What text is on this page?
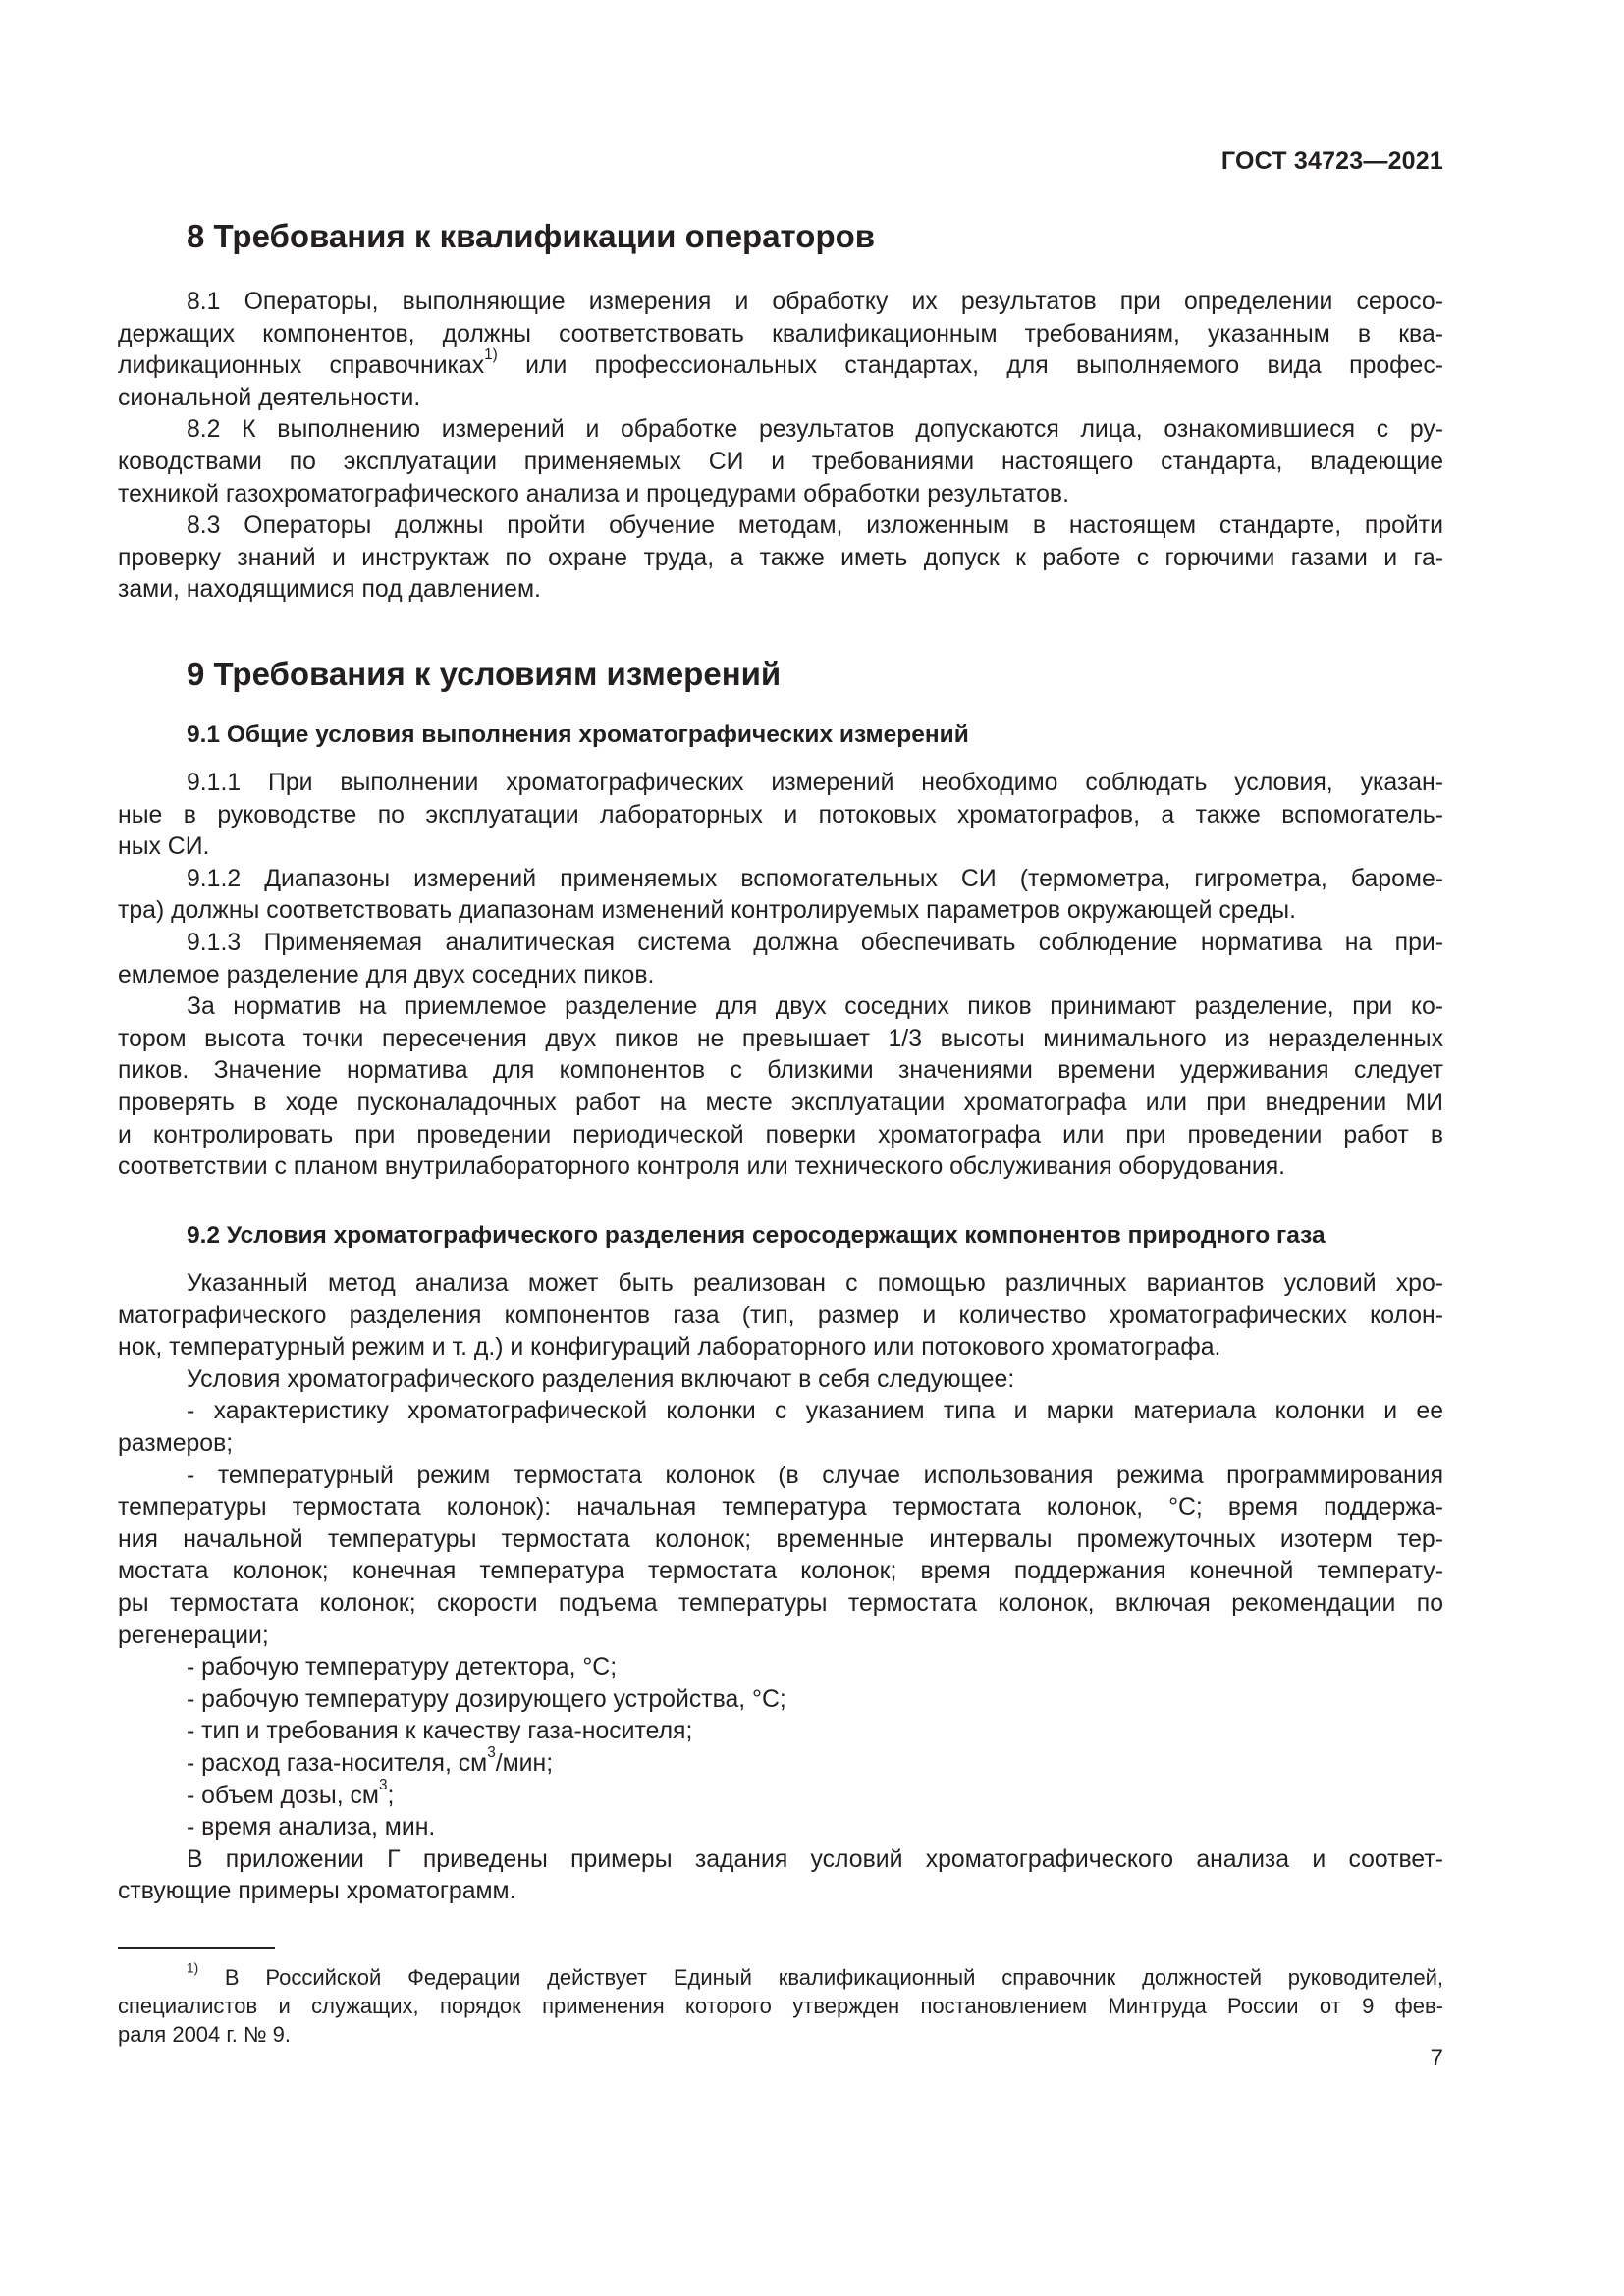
ГОСТ 34723—2021
8 Требования к квалификации операторов
8.1 Операторы, выполняющие измерения и обработку их результатов при определении серосо-
держащих компонентов, должны соответствовать квалификационным требованиям, указанным в ква-
лификационных справочниках$^{1)}$ или профессиональных стандартах, для выполняемого вида профес-
сиональной деятельности.
8.2 К выполнению измерений и обработке результатов допускаются лица, ознакомившиеся с ру-
ководствами по эксплуатации применяемых СИ и требованиями настоящего стандарта, владеющие
техникой газохроматографического анализа и процедурами обработки результатов.
8.3 Операторы должны пройти обучение методам, изложенным в настоящем стандарте, пройти
проверку знаний и инструктаж по охране труда, а также иметь допуск к работе с горючими газами и га-
зами, находящимися под давлением.
9 Требования к условиям измерений
9.1 Общие условия выполнения хроматографических измерений
9.1.1 При выполнении хроматографических измерений необходимо соблюдать условия, указан-
ные в руководстве по эксплуатации лабораторных и потоковых хроматографов, а также вспомогатель-
ных СИ.
9.1.2 Диапазоны измерений применяемых вспомогательных СИ (термометра, гигрометра, бароме-
тра) должны соответствовать диапазонам изменений контролируемых параметров окружающей среды.
9.1.3 Применяемая аналитическая система должна обеспечивать соблюдение норматива на при-
емлемое разделение для двух соседних пиков.
За норматив на приемлемое разделение для двух соседних пиков принимают разделение, при ко-
тором высота точки пересечения двух пиков не превышает 1/3 высоты минимального из неразделенных
пиков. Значение норматива для компонентов с близкими значениями времени удерживания следует
проверять в ходе пусконаладочных работ на месте эксплуатации хроматографа или при внедрении МИ
и контролировать при проведении периодической поверки хроматографа или при проведении работ в
соответствии с планом внутрилабораторного контроля или технического обслуживания оборудования.
9.2 Условия хроматографического разделения серосодержащих компонентов природного газа
Указанный метод анализа может быть реализован с помощью различных вариантов условий хро-
матографического разделения компонентов газа (тип, размер и количество хроматографических колон-
нок, температурный режим и т. д.) и конфигураций лабораторного или потокового хроматографа.
Условия хроматографического разделения включают в себя следующее:
- характеристику хроматографической колонки с указанием типа и марки материала колонки и ее
размеров;
- температурный режим термостата колонок (в случае использования режима программирования
температуры термостата колонок): начальная температура термостата колонок, °С; время поддержа-
ния начальной температуры термостата колонок; временные интервалы промежуточных изотерм тер-
мостата колонок; конечная температура термостата колонок; время поддержания конечной температу-
ры термостата колонок; скорости подъема температуры термостата колонок, включая рекомендации по
регенерации;
- рабочую температуру детектора, °С;
- рабочую температуру дозирующего устройства, °С;
- тип и требования к качеству газа-носителя;
- расход газа-носителя, $см^3$/мин;
- объем дозы, $см^3$;
- время анализа, мин.
В приложении Г приведены примеры задания условий хроматографического анализа и соответ-
ствующие примеры хроматограмм.
$^{1)}$ В Российской Федерации действует Единый квалификационный справочник должностей руководителей,
специалистов и служащих, порядок применения которого утвержден постановлением Минтруда России от 9 фев-
раля 2004 г. № 9.
7
